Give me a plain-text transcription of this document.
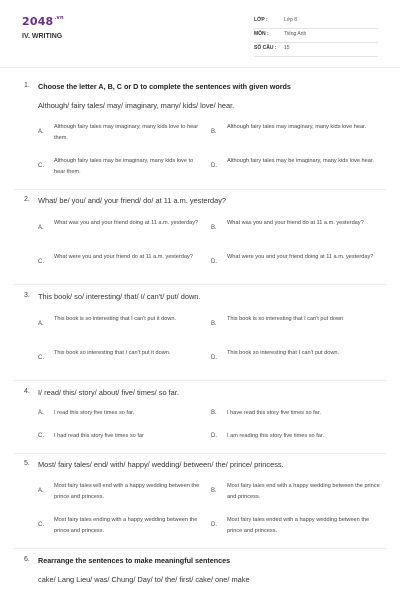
$2048^{.vn}$
IV. WRITING
LỚP :	Lớp 8
MÔN :	Tiếng Anh
SỐ CÂU : 15
1. Choose the letter A, B, C or D to complete the sentences with given words
Although/ fairy tales/ may/ imaginary, many/ kids/ love/ hear.
A.
Although fairy tales may imaginary, many kids love to hear them.
B.
Although fairy tales may imaginary, many kids love hear.
C.
Although fairy tales may be imaginary, many kids love to hear them.
D.
Although fairy tales may be imaginary, many kids love hear.
2. What/ be/ you/ and/ your friend/ do/ at 11 a.m. yesterday?
A.
What was you and your friend doing at 11 a.m. yesterday?
B.
What was you and your friend do at 11 a.m. yesterday?
C.
What were you and your friend do at 11 a.m. yesterday?
D.
What were you and your friend doing at 11 a.m. yesterday?
3. This book/ so/ interesting/ that/ I/ can't/ put/ down.
A.
This book is so interesting that I can't put it down.
B.
This book is so interesting that I can't put down
C.
This book so interesting that I can't put it down.
D.
This book so interesting that I can't put down.
4. I/ read/ this/ story/ about/ five/ times/ so far.
A. I read this story five times so far.	B. I have read this story five times so far.
C. I had read this story five times so far	D. I am reading this story five times so far.
5. Most/ fairy tales/ end/ with/ happy/ wedding/ between/ the/ prince/ princess.
A.
Most fairy tales will end with a happy wedding between the prince and princess.
B.
Most fairy tales end with a happy wedding between the prince and princess.
C.
Most fairy tales ending with a happy wedding between the prince and princess.
D.
Most fairy tales ended with a happy wedding between the prince and princess.
6. Rearrange the sentences to make meaningful sentences
cake/ Lang Lieu/ was/ Chung/ Day/ to/ the/ first/ cake/ one/ make
